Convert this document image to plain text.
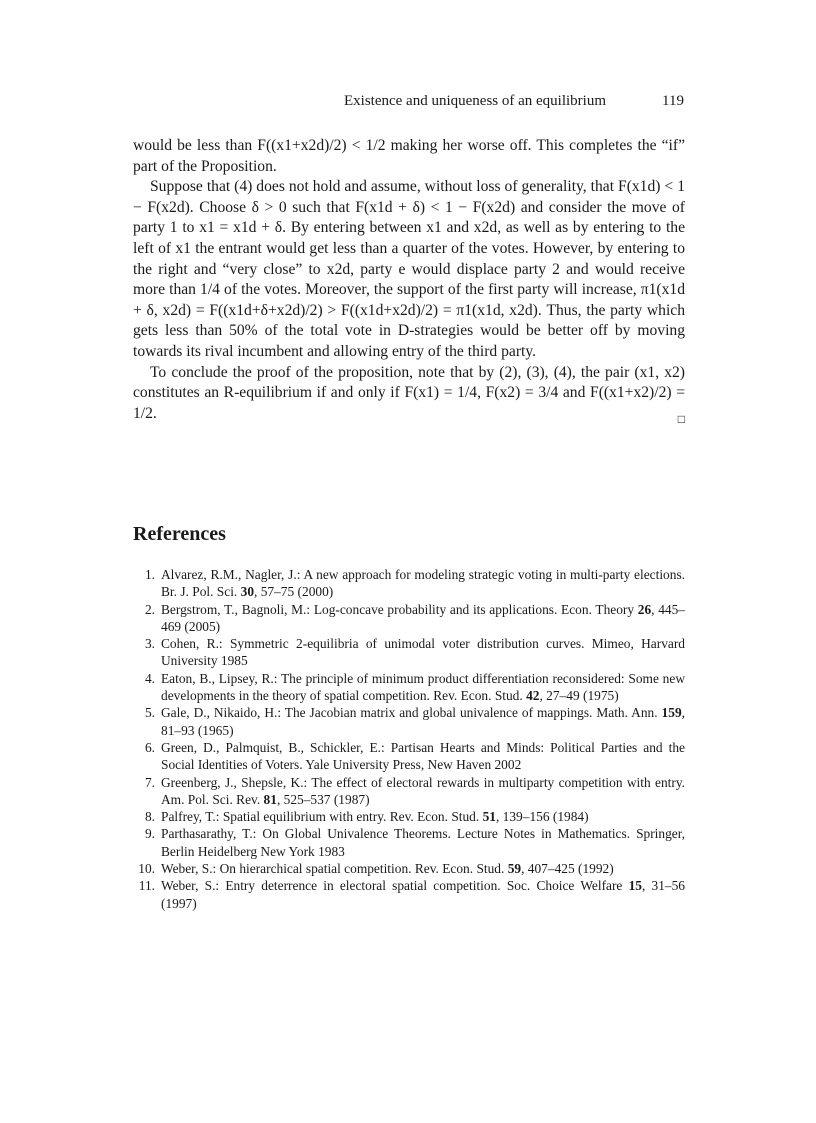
Existence and uniqueness of an equilibrium	119

would be less than F((x1+x2d)/2) < 1/2 making her worse off. This completes the “if” part of the Proposition.

Suppose that (4) does not hold and assume, without loss of generality, that F(x1d) < 1 − F(x2d). Choose δ > 0 such that F(x1d + δ) < 1 − F(x2d) and consider the move of party 1 to x1 = x1d + δ. By entering between x1 and x2d, as well as by entering to the left of x1 the entrant would get less than a quarter of the votes. However, by entering to the right and “very close” to x2d, party e would displace party 2 and would receive more than 1/4 of the votes. Moreover, the support of the first party will increase, π1(x1d + δ, x2d) = F((x1d+δ+x2d)/2) > F((x1d+x2d)/2) = π1(x1d, x2d). Thus, the party which gets less than 50% of the total vote in D-strategies would be better off by moving towards its rival incumbent and allowing entry of the third party.

To conclude the proof of the proposition, note that by (2), (3), (4), the pair (x1, x2) constitutes an R-equilibrium if and only if F(x1) = 1/4, F(x2) = 3/4 and F((x1+x2)/2) = 1/2.	□

References
1. Alvarez, R.M., Nagler, J.: A new approach for modeling strategic voting in multi-party elections. Br. J. Pol. Sci. 30, 57–75 (2000)
2. Bergstrom, T., Bagnoli, M.: Log-concave probability and its applications. Econ. Theory 26, 445–469 (2005)
3. Cohen, R.: Symmetric 2-equilibria of unimodal voter distribution curves. Mimeo, Harvard University 1985
4. Eaton, B., Lipsey, R.: The principle of minimum product differentiation reconsidered: Some new developments in the theory of spatial competition. Rev. Econ. Stud. 42, 27–49 (1975)
5. Gale, D., Nikaido, H.: The Jacobian matrix and global univalence of mappings. Math. Ann. 159, 81–93 (1965)
6. Green, D., Palmquist, B., Schickler, E.: Partisan Hearts and Minds: Political Parties and the Social Identities of Voters. Yale University Press, New Haven 2002
7. Greenberg, J., Shepsle, K.: The effect of electoral rewards in multiparty competition with entry. Am. Pol. Sci. Rev. 81, 525–537 (1987)
8. Palfrey, T.: Spatial equilibrium with entry. Rev. Econ. Stud. 51, 139–156 (1984)
9. Parthasarathy, T.: On Global Univalence Theorems. Lecture Notes in Mathematics. Springer, Berlin Heidelberg New York 1983
10. Weber, S.: On hierarchical spatial competition. Rev. Econ. Stud. 59, 407–425 (1992)
11. Weber, S.: Entry deterrence in electoral spatial competition. Soc. Choice Welfare 15, 31–56 (1997)
